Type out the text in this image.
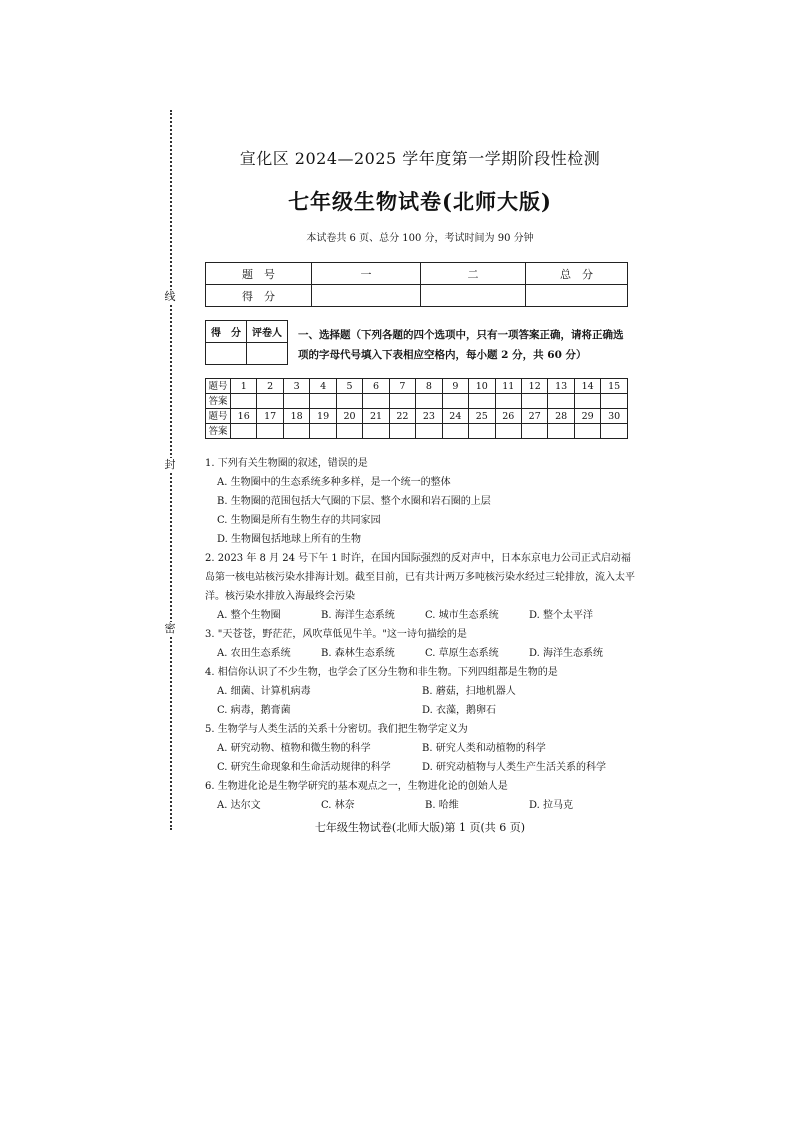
线
封
密
宣化区 2024—2025 学年度第一学期阶段性检测
七年级生物试卷(北师大版)
本试卷共 6 页、总分 100 分，考试时间为 90 分钟
题　号	一	二	总　分
得　分			
得　分	评卷人
	一、选择题（下列各题的四个选项中，只有一项答案正确，请将正确选项的字母代号填入下表相应空格内，每小题 2 分，共 60 分）
题号	1	2	3	4	5	6	7	8	9	10	11	12	13	14	15
答案															
题号	16	17	18	19	20	21	22	23	24	25	26	27	28	29	30
答案															
1. 下列有关生物圈的叙述，错误的是
A. 生物圈中的生态系统多种多样，是一个统一的整体
B. 生物圈的范围包括大气圈的下层、整个水圈和岩石圈的上层
C. 生物圈是所有生物生存的共同家园
D. 生物圈包括地球上所有的生物
2. 2023 年 8 月 24 号下午 1 时许，在国内国际强烈的反对声中，日本东京电力公司正式启动福岛第一核电站核污染水排海计划。截至目前，已有共计两万多吨核污染水经过三轮排放，流入太平洋。核污染水排放入海最终会污染
A. 整个生物圈	B. 海洋生态系统	C. 城市生态系统	D. 整个太平洋
3. "天苍苍，野茫茫，风吹草低见牛羊。"这一诗句描绘的是
A. 农田生态系统	B. 森林生态系统	C. 草原生态系统	D. 海洋生态系统
4. 相信你认识了不少生物，也学会了区分生物和非生物。下列四组都是生物的是
A. 细菌、计算机病毒	B. 蘑菇，扫地机器人
C. 病毒，鹅膏菌	D. 衣藻，鹅卵石
5. 生物学与人类生活的关系十分密切。我们把生物学定义为
A. 研究动物、植物和微生物的科学	B. 研究人类和动植物的科学
C. 研究生命现象和生命活动规律的科学	D. 研究动植物与人类生产生活关系的科学
6. 生物进化论是生物学研究的基本观点之一，生物进化论的创始人是
A. 达尔文	C. 林奈	B. 哈维	D. 拉马克
七年级生物试卷(北师大版)第 1 页(共 6 页)
